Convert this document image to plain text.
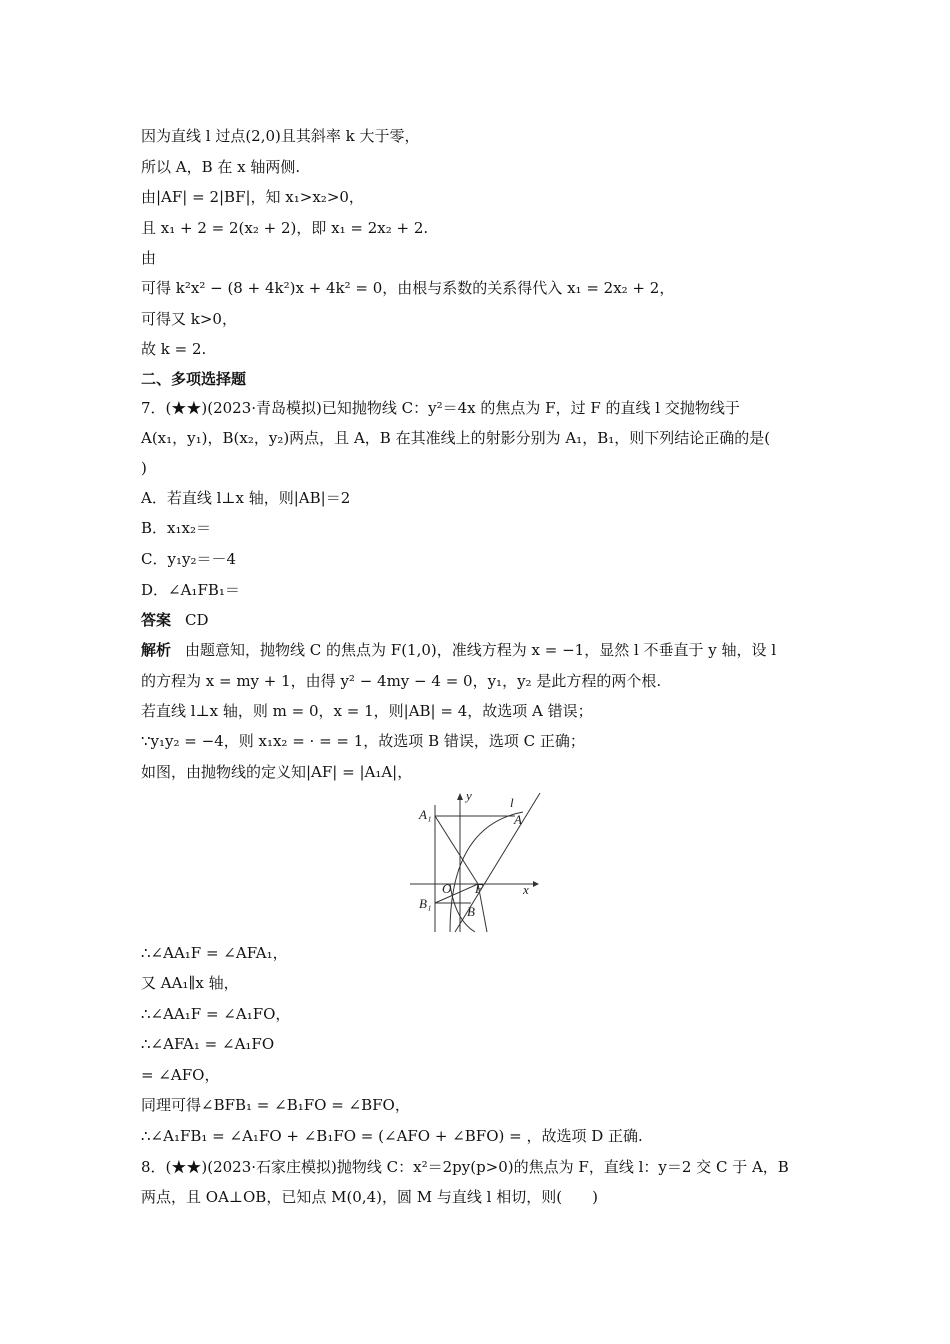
因为直线 l 过点(2,0)且其斜率 k 大于零，
所以 A，B 在 x 轴两侧.
由|AF| = 2|BF|，知 x₁>x₂>0，
且 x₁ + 2 = 2(x₂ + 2)，即 x₁ = 2x₂ + 2.
由
可得 k²x² − (8 + 4k²)x + 4k² = 0，由根与系数的关系得代入 x₁ = 2x₂ + 2，
可得又 k>0，
故 k = 2.
二、多项选择题
7．(★★)(2023·青岛模拟)已知抛物线 C：y²＝4x 的焦点为 F，过 F 的直线 l 交抛物线于
A(x₁，y₁)，B(x₂，y₂)两点，且 A，B 在其准线上的射影分别为 A₁，B₁，则下列结论正确的是(
)
A．若直线 l⊥x 轴，则|AB|＝2
B．x₁x₂＝
C．y₁y₂＝－4
D．∠A₁FB₁＝
答案 CD
解析 由题意知，抛物线 C 的焦点为 F(1,0)，准线方程为 x = −1，显然 l 不垂直于 y 轴，设 l
的方程为 x = my + 1，由得 y² − 4my − 4 = 0，y₁，y₂ 是此方程的两个根.
若直线 l⊥x 轴，则 m = 0，x = 1，则|AB| = 4，故选项 A 错误；
∵y₁y₂ = −4，则 x₁x₂ = · = = 1，故选项 B 错误，选项 C 正确；
如图，由抛物线的定义知|AF| = |A₁A|，
y
x
O F
A
A₁
B
B₁
l
∴∠AA₁F = ∠AFA₁，
又 AA₁∥x 轴，
∴∠AA₁F = ∠A₁FO，
∴∠AFA₁ = ∠A₁FO
= ∠AFO，
同理可得∠BFB₁ = ∠B₁FO = ∠BFO，
∴∠A₁FB₁ = ∠A₁FO + ∠B₁FO = (∠AFO + ∠BFO) = ，故选项 D 正确.
8．(★★)(2023·石家庄模拟)抛物线 C：x²＝2py(p>0)的焦点为 F，直线 l：y＝2 交 C 于 A，B
两点，且 OA⊥OB，已知点 M(0,4)，圆 M 与直线 l 相切，则(　　)
